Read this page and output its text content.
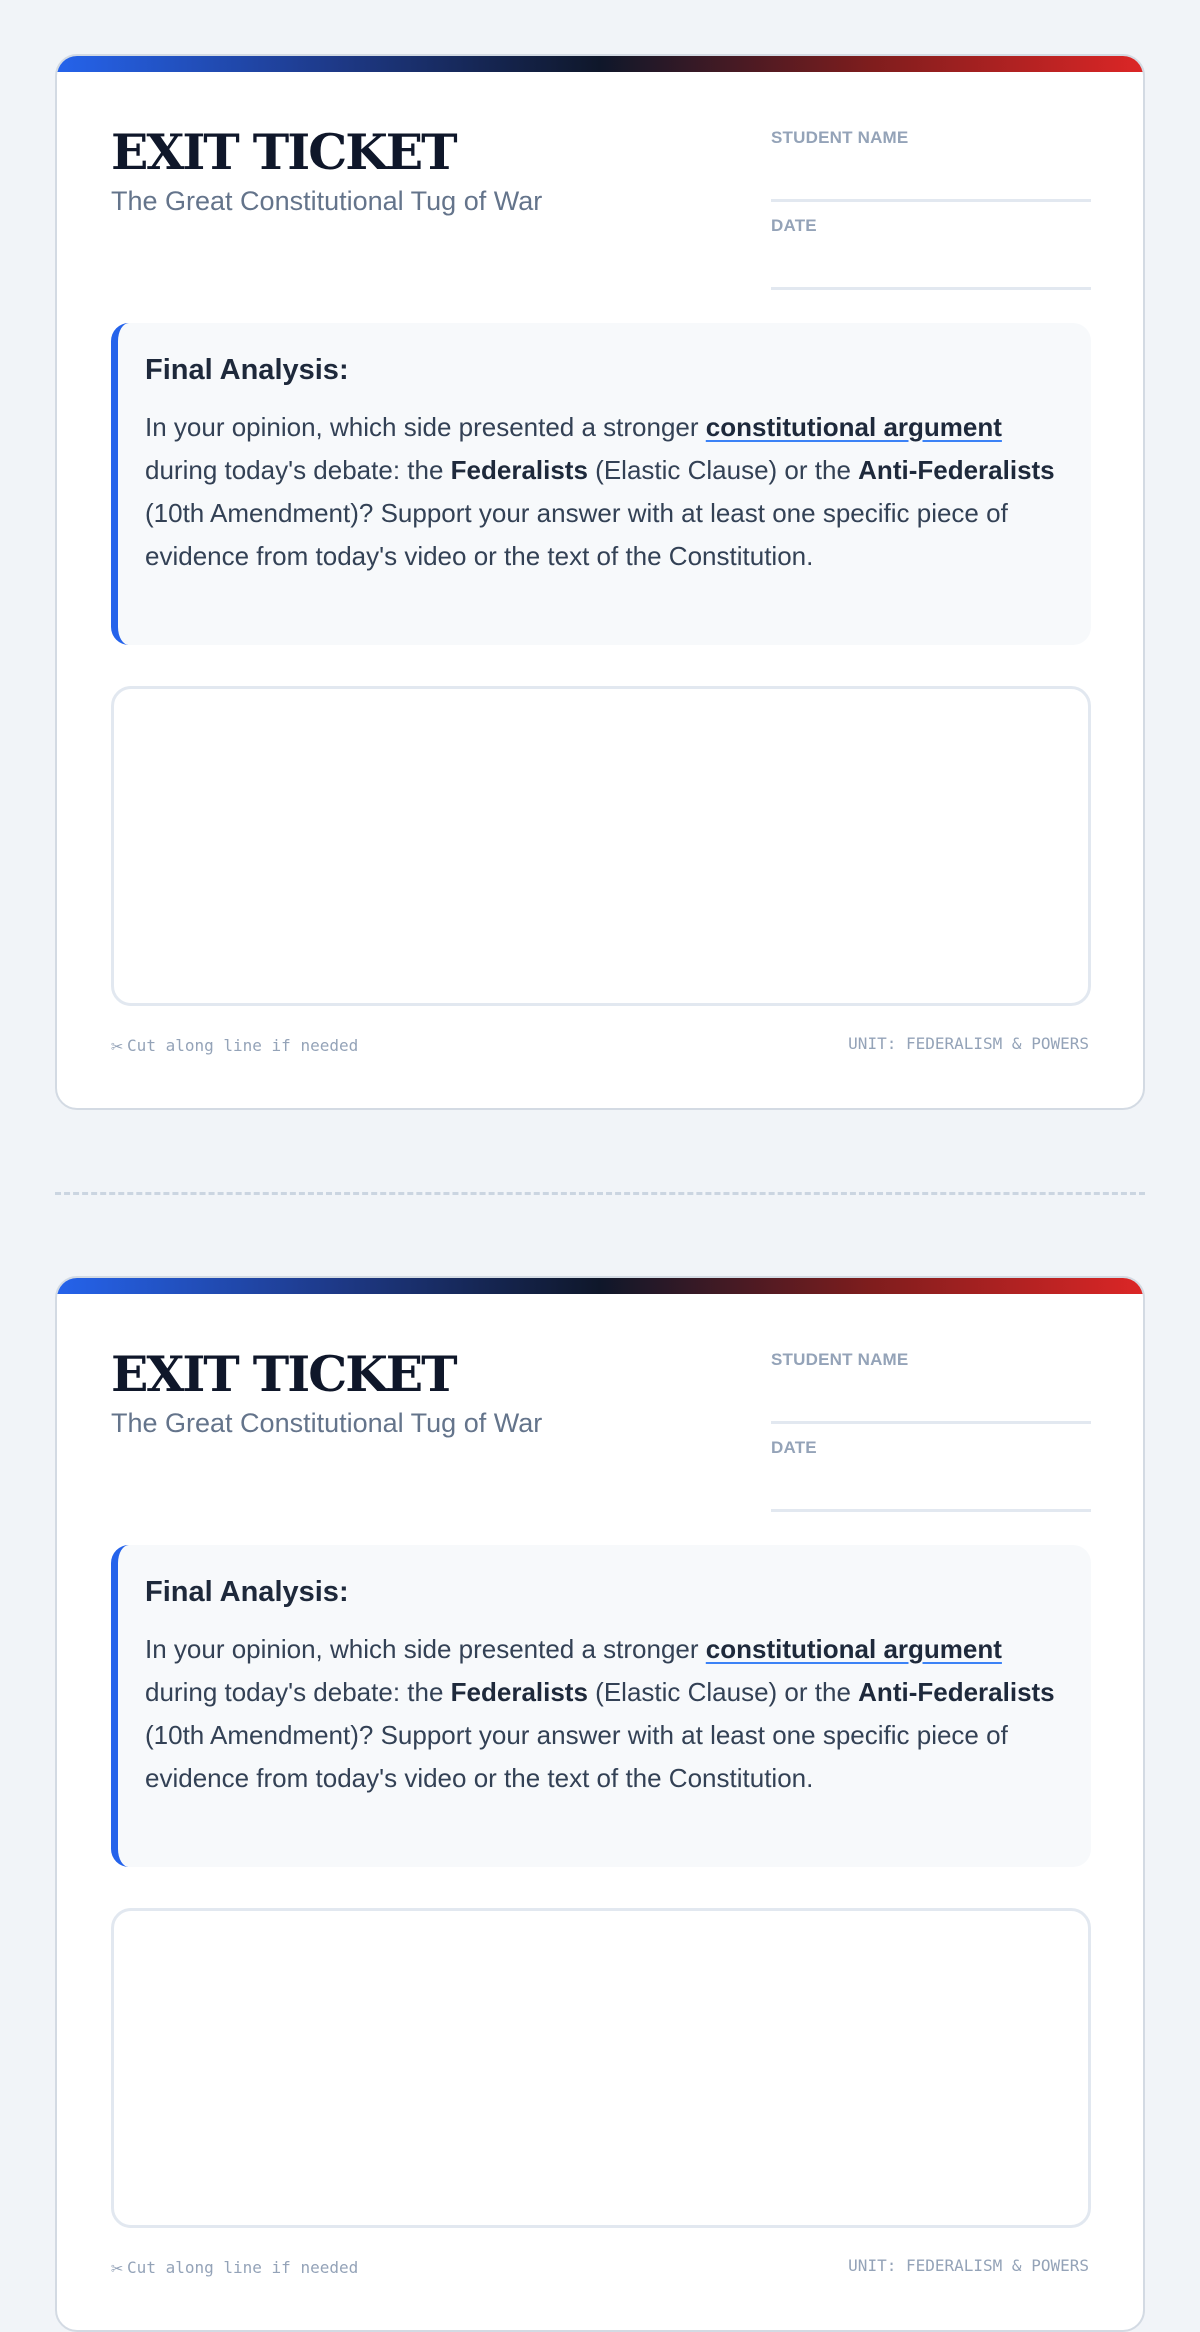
EXIT TICKET
The Great Constitutional Tug of War
STUDENT NAME
DATE
Final Analysis:

In your opinion, which side presented a stronger constitutional argument during today's debate: the Federalists (Elastic Clause) or the Anti-Federalists (10th Amendment)? Support your answer with at least one specific piece of evidence from today's video or the text of the Constitution.

✂ Cut along line if needed	UNIT: FEDERALISM & POWERS
EXIT TICKET
The Great Constitutional Tug of War
STUDENT NAME
DATE
Final Analysis:

In your opinion, which side presented a stronger constitutional argument during today's debate: the Federalists (Elastic Clause) or the Anti-Federalists (10th Amendment)? Support your answer with at least one specific piece of evidence from today's video or the text of the Constitution.

✂ Cut along line if needed	UNIT: FEDERALISM & POWERS
